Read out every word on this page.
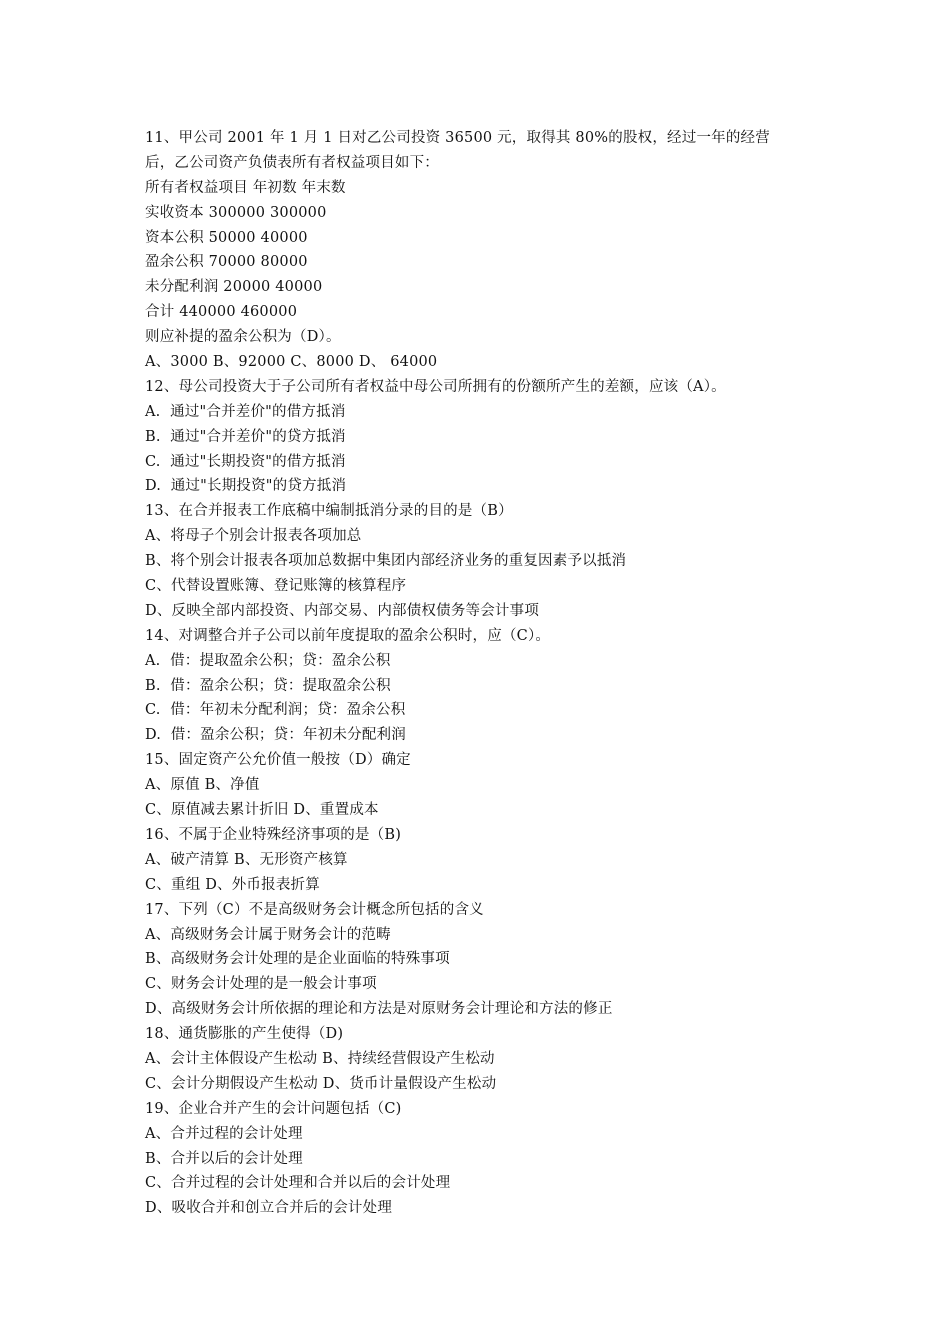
11、甲公司 2001 年 1 月 1 日对乙公司投资 36500 元，取得其 80%的股权，经过一年的经营
后，乙公司资产负债表所有者权益项目如下：
所有者权益项目 年初数 年末数
实收资本 300000 300000
资本公积 50000 40000
盈余公积 70000 80000
未分配利润 20000 40000
合计 440000 460000
则应补提的盈余公积为（D）。
A、3000 B、92000 C、8000 D、 64000
12、母公司投资大于子公司所有者权益中母公司所拥有的份额所产生的差额，应该（A）。
A.  通过"合并差价"的借方抵消
B.  通过"合并差价"的贷方抵消
C.  通过"长期投资"的借方抵消
D.  通过"长期投资"的贷方抵消
13、在合并报表工作底稿中编制抵消分录的目的是（B）
A、将母子个别会计报表各项加总
B、将个别会计报表各项加总数据中集团内部经济业务的重复因素予以抵消
C、代替设置账簿、登记账簿的核算程序
D、反映全部内部投资、内部交易、内部债权债务等会计事项
14、对调整合并子公司以前年度提取的盈余公积时，应（C）。
A.  借：提取盈余公积；贷：盈余公积
B.  借：盈余公积；贷：提取盈余公积
C.  借：年初未分配利润；贷：盈余公积
D.  借：盈余公积；贷：年初未分配利润
15、固定资产公允价值一般按（D）确定
A、原值 B、净值
C、原值减去累计折旧 D、重置成本
16、不属于企业特殊经济事项的是（B)
A、破产清算 B、无形资产核算
C、重组 D、外币报表折算
17、下列（C）不是高级财务会计概念所包括的含义
A、高级财务会计属于财务会计的范畴
B、高级财务会计处理的是企业面临的特殊事项
C、财务会计处理的是一般会计事项
D、高级财务会计所依据的理论和方法是对原财务会计理论和方法的修正
18、通货膨胀的产生使得（D)
A、会计主体假设产生松动 B、持续经营假设产生松动
C、会计分期假设产生松动 D、货币计量假设产生松动
19、企业合并产生的会计问题包括（C)
A、合并过程的会计处理
B、合并以后的会计处理
C、合并过程的会计处理和合并以后的会计处理
D、吸收合并和创立合并后的会计处理
